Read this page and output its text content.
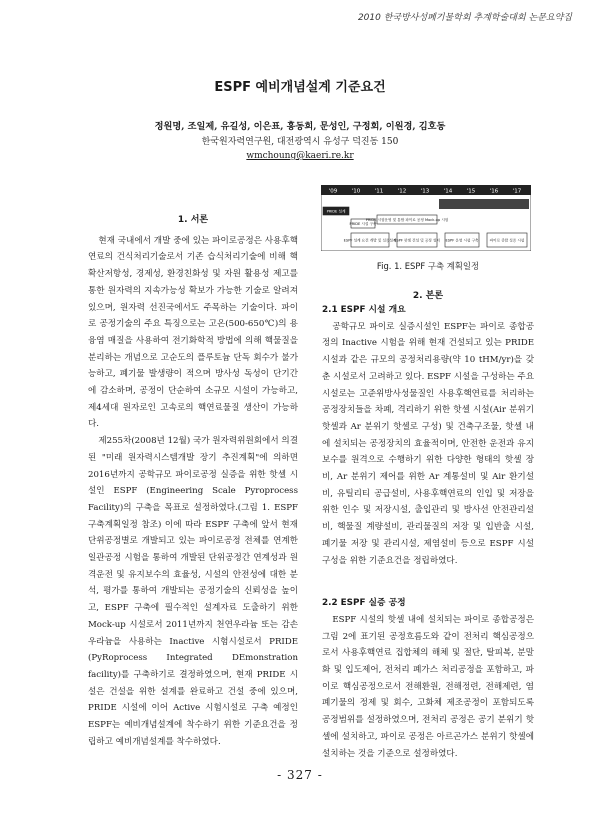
2010 한국방사성폐기물학회 추계학술대회 논문요약집
ESPF 예비개념설계 기준요건
정원명, 조일제, 유길성, 이은표, 홍동희, 문성인, 구정회, 이원경, 김호동
한국원자력연구원, 대전광역시 유성구 덕진동 150
wmchoung@kaeri.re.kr
1. 서론

현재 국내에서 개발 중에 있는 파이로공정은 사용후핵연료의 건식처리기술로서 기존 습식처리기술에 비해 핵확산저항성, 경제성, 환경친화성 및 자원 활용성 제고를 통한 원자력의 지속가능성 확보가 가능한 기술로 알려져 있으며, 원자력 선진국에서도 주목하는 기술이다. 파이로 공정기술의 주요 특징으로는 고온(500-650℃)의 용융염 매질을 사용하여 전기화학적 방법에 의해 핵물질을 분리하는 개념으로 고순도의 플루토늄 단독 회수가 불가능하고, 폐기물 발생량이 적으며 방사성 독성이 단기간에 감소하며, 공정이 단순하여 소규모 시설이 가능하고, 제4세대 원자로인 고속로의 핵연료물질 생산이 가능하다.

제255차(2008년 12월) 국가 원자력위원회에서 의결된 "미래 원자력시스템개발 장기 추진계획"에 의하면 2016년까지 공학규모 파이로공정 실증을 위한 핫셀 시설인 ESPF (Engineering Scale Pyroprocess Facility)의 구축을 목표로 설정하였다.(그림 1. ESPF 구축계획일정 참조) 이에 따라 ESPF 구축에 앞서 현재 단위공정별로 개발되고 있는 파이로공정 전체를 연계한 일관공정 시험을 통하여 개발된 단위공정간 연계성과 원격운전 및 유지보수의 효율성, 시설의 안전성에 대한 분석, 평가를 통하여 개발되는 공정기술의 신뢰성을 높이고, ESPF 구축에 필수적인 설계자료 도출하기 위한 Mock-up 시설로서 2011년까지 천연우라늄 또는 감손우라늄을 사용하는 Inactive 시험시설로서 PRIDE (PyRoprocess Integrated DEmonstration facility)를 구축하기로 결정하였으며, 현재 PRIDE 시설은 건설을 위한 설계를 완료하고 건설 중에 있으며, PRIDE 시설에 이어 Active 시험시설로 구축 예정인 ESPF는 예비개념설계에 착수하기 위한 기준요건을 정립하고 예비개념설계를 착수하였다.

'09	'10	'11	'12	'13	'14	'15	'16	'17
PRIDE 설계
PRIDE 시설 구축
PRIDE 시험운영 및 통합 파이로 공정 Mock-up 시험
ESPF 설계 요건 개발 및 실증설계
ESPF 핫셀 건설 및 공정 설치 ESPF 운영 시험 구축	파이로 종합 실증 시험
Fig. 1. ESPF 구축 계획일정
2. 본론
2.1 ESPF 시설 개요

공학규모 파이로 실증시설인 ESPF는 파이로 종합공정의 Inactive 시험을 위해 현재 건설되고 있는 PRIDE 시설과 같은 규모의 공정처리용량(약 10 tHM/yr)을 갖춘 시설로서 고려하고 있다. ESPF 시설을 구성하는 주요시설로는 고준위방사성물질인 사용후핵연료를 처리하는 공정장치들을 차폐, 격리하기 위한 핫셀 시설(Air 분위기 핫셀과 Ar 분위기 핫셀로 구성) 및 건축구조물, 핫셀 내에 설치되는 공정장치의 효율적이며, 안전한 운전과 유지보수를 원격으로 수행하기 위한 다양한 형태의 핫셀 장비, Ar 분위기 제어를 위한 Ar 계통설비 및 Air 환기설비, 유틸리티 공급설비, 사용후핵연료의 인입 및 저장을 위한 인수 및 저장시설, 출입관리 및 방사선 안전관리설비, 핵물질 계량설비, 관리물질의 저장 및 입반출 시설, 폐기물 저장 및 관리시설, 제염설비 등으로 ESPF 시설 구성을 위한 기준요건을 정립하였다.

2.2 ESPF 실증 공정

ESPF 시설의 핫셀 내에 설치되는 파이로 종합공정은 그림 2에 표기된 공정흐름도와 같이 전처리 핵심공정으로서 사용후핵연료 집합체의 해체 및 절단, 탈피복, 분말화 및 입도제어, 전처리 폐가스 처리공정을 포함하고, 파이로 핵심공정으로서 전해환원, 전해정련, 전해제련, 염폐기물의 정제 및 회수, 고화체 제조공정이 포함되도록 공정범위를 설정하였으며, 전처리 공정은 공기 분위기 핫셀에 설치하고, 파이로 공정은 아르곤가스 분위기 핫셀에 설치하는 것을 기준으로 설정하였다.

- 327 -
